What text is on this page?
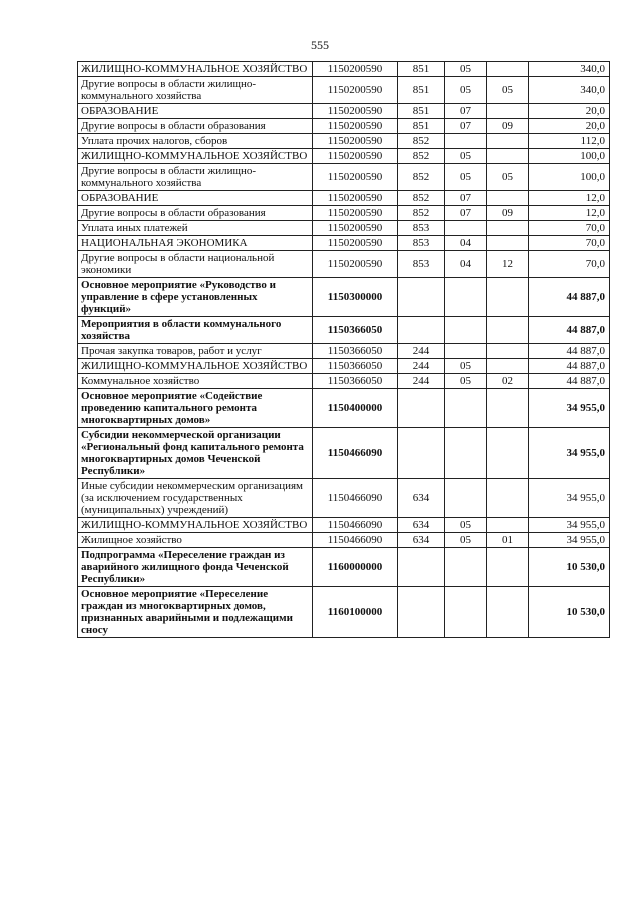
555
ЖИЛИЩНО-КОММУНАЛЬНОЕ ХОЗЯЙСТВО	1150200590	851	05		340,0
Другие вопросы в области жилищно-коммунального хозяйства	1150200590	851	05	05	340,0
ОБРАЗОВАНИЕ	1150200590	851	07		20,0
Другие вопросы в области образования	1150200590	851	07	09	20,0
Уплата прочих налогов, сборов	1150200590	852			112,0
ЖИЛИЩНО-КОММУНАЛЬНОЕ ХОЗЯЙСТВО	1150200590	852	05		100,0
Другие вопросы в области жилищно-коммунального хозяйства	1150200590	852	05	05	100,0
ОБРАЗОВАНИЕ	1150200590	852	07		12,0
Другие вопросы в области образования	1150200590	852	07	09	12,0
Уплата иных платежей	1150200590	853			70,0
НАЦИОНАЛЬНАЯ ЭКОНОМИКА	1150200590	853	04		70,0
Другие вопросы в области национальной экономики	1150200590	853	04	12	70,0
Основное мероприятие «Руководство и управление в сфере установленных функций»	1150300000				44 887,0
Мероприятия в области коммунального хозяйства	1150366050				44 887,0
Прочая закупка товаров, работ и услуг	1150366050	244			44 887,0
ЖИЛИЩНО-КОММУНАЛЬНОЕ ХОЗЯЙСТВО	1150366050	244	05		44 887,0
Коммунальное хозяйство	1150366050	244	05	02	44 887,0
Основное мероприятие «Содействие проведению капитального ремонта многоквартирных домов»	1150400000				34 955,0
Субсидии некоммерческой организации «Региональный фонд капитального ремонта многоквартирных домов Чеченской Республики»	1150466090				34 955,0
Иные субсидии некоммерческим организациям (за исключением государственных (муниципальных) учреждений)	1150466090	634			34 955,0
ЖИЛИЩНО-КОММУНАЛЬНОЕ ХОЗЯЙСТВО	1150466090	634	05		34 955,0
Жилищное хозяйство	1150466090	634	05	01	34 955,0
Подпрограмма «Переселение граждан из аварийного жилищного фонда Чеченской Республики»	1160000000				10 530,0
Основное мероприятие «Переселение граждан из многоквартирных домов, признанных аварийными и подлежащими сносу	1160100000				10 530,0
